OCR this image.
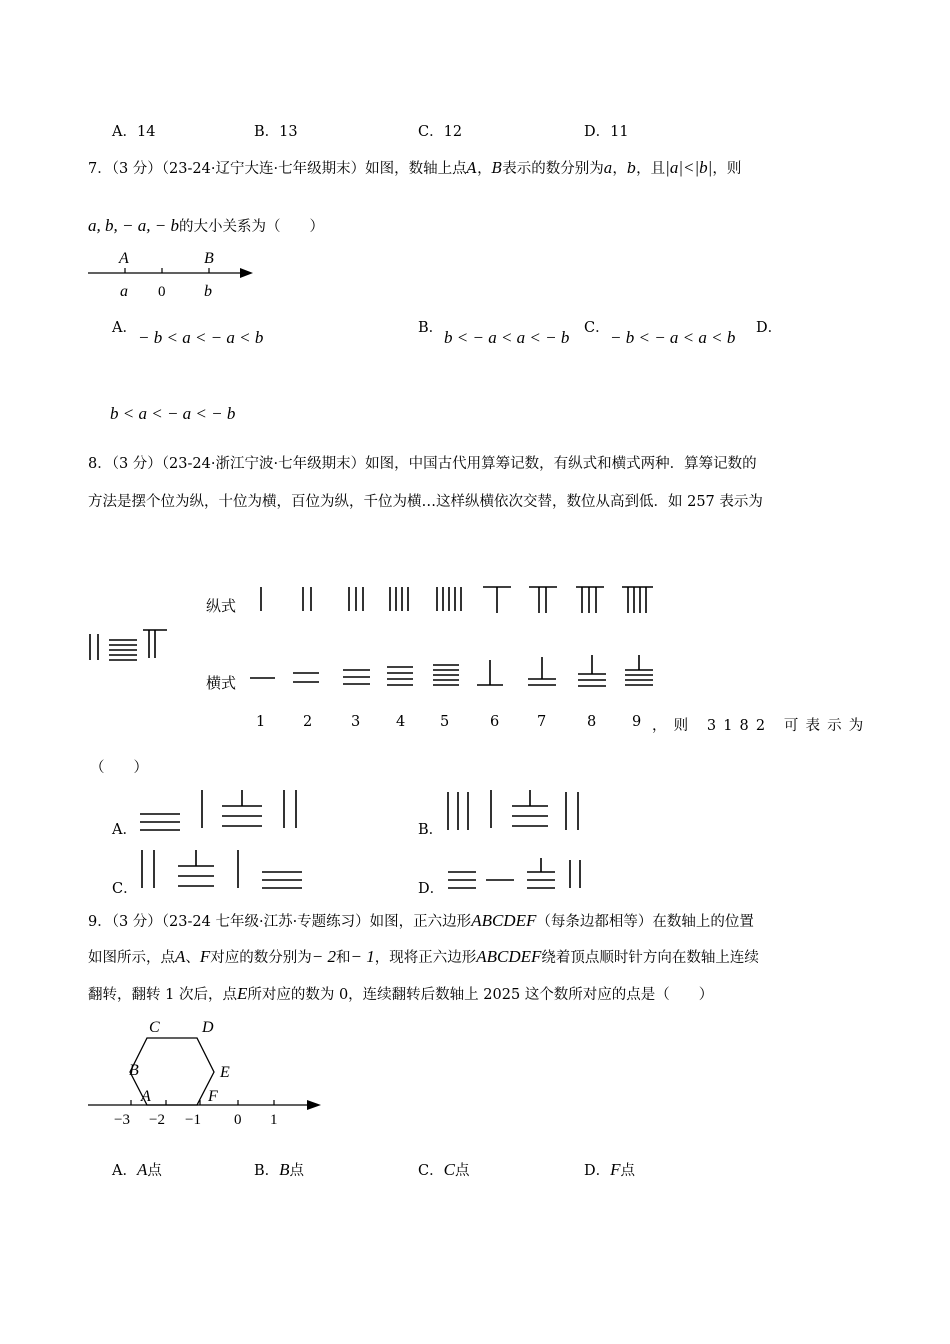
A．14	B．13	C．12	D．11
7．（3 分）（23-24·辽宁大连·七年级期末）如图，数轴上点A，B表示的数分别为a，b，且|a|<|b|，则
a, b, − a, − b的大小关系为（　　）
A	B
a 0 b
A． − b < a < − a < b	B． b < − a < a < − b C． − b < − a < a < b D．
b < a < − a < − b
8．（3 分）（23-24·浙江宁波·七年级期末）如图，中国古代用算筹记数，有纵式和横式两种．算筹记数的
方法是摆个位为纵，十位为横，百位为纵，千位为横…这样纵横依次交替，数位从高到低．如 257 表示为
纵式
横式
1	2	3 4 5	6	7	8 9 ，则 3182 可表示为
（　　）
A．	B．
C．	D．
9．（3 分）（23-24 七年级·江苏·专题练习）如图，正六边形ABCDEF（每条边都相等）在数轴上的位置
如图所示，点A、F对应的数分别为− 2和− 1，现将正六边形ABCDEF绕着顶点顺时针方向在数轴上连续
翻转，翻转 1 次后，点E所对应的数为 0，连续翻转后数轴上 2025 这个数所对应的点是（　　）
C	D
B	E
A	F
−3 −2 −1 0 1
A．A点	B．B点	C．C点	D．F点
